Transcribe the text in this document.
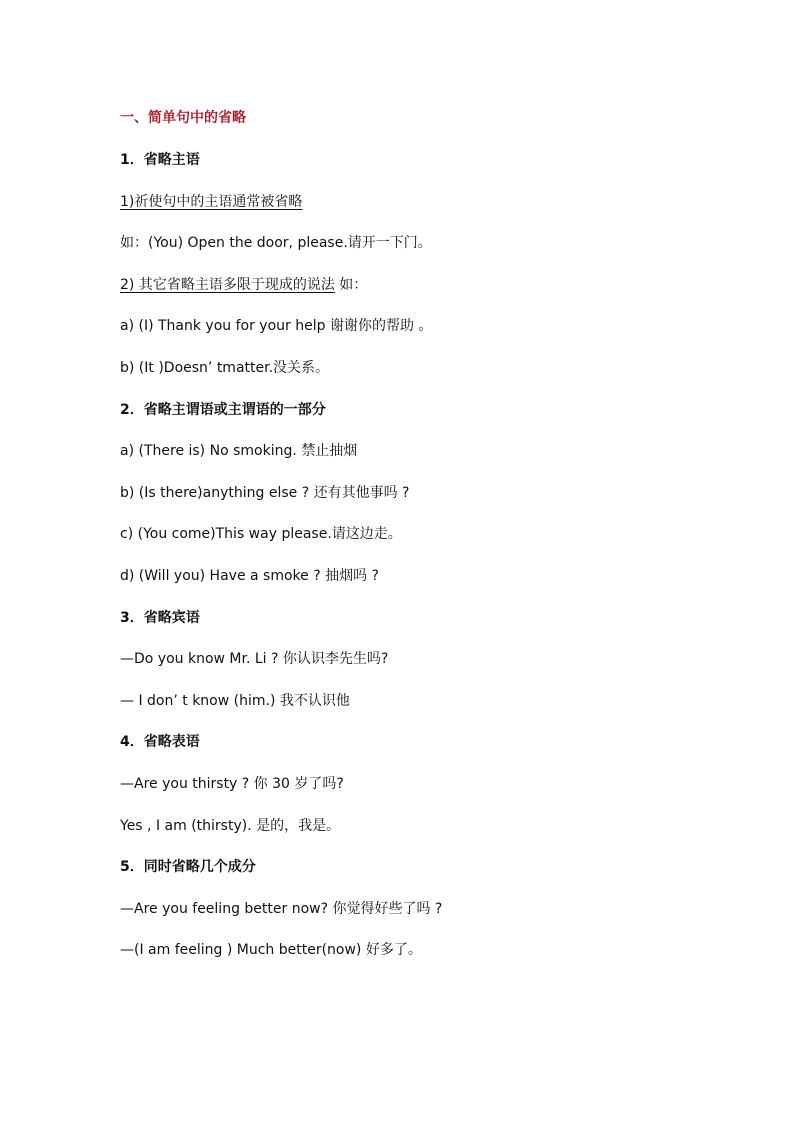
一、简单句中的省略
1．省略主语
1)祈使句中的主语通常被省略
如：(You) Open the door, please.请开一下门。
2) 其它省略主语多限于现成的说法 如：
a) (I) Thank you for your help 谢谢你的帮助 。
b) (It )Doesn’ tmatter.没关系。
2．省略主谓语或主谓语的一部分
a) (There is) No smoking. 禁止抽烟
b) (Is there)anything else ? 还有其他事吗 ?
c) (You come)This way please.请这边走。
d) (Will you) Have a smoke ? 抽烟吗 ?
3．省略宾语
—Do you know Mr. Li ? 你认识李先生吗?
— I don’ t know (him.) 我不认识他
4．省略表语
—Are you thirsty ? 你 30 岁了吗?
Yes , I am (thirsty). 是的，我是。
5．同时省略几个成分
—Are you feeling better now? 你觉得好些了吗 ?
—(I am feeling ) Much better(now) 好多了。
